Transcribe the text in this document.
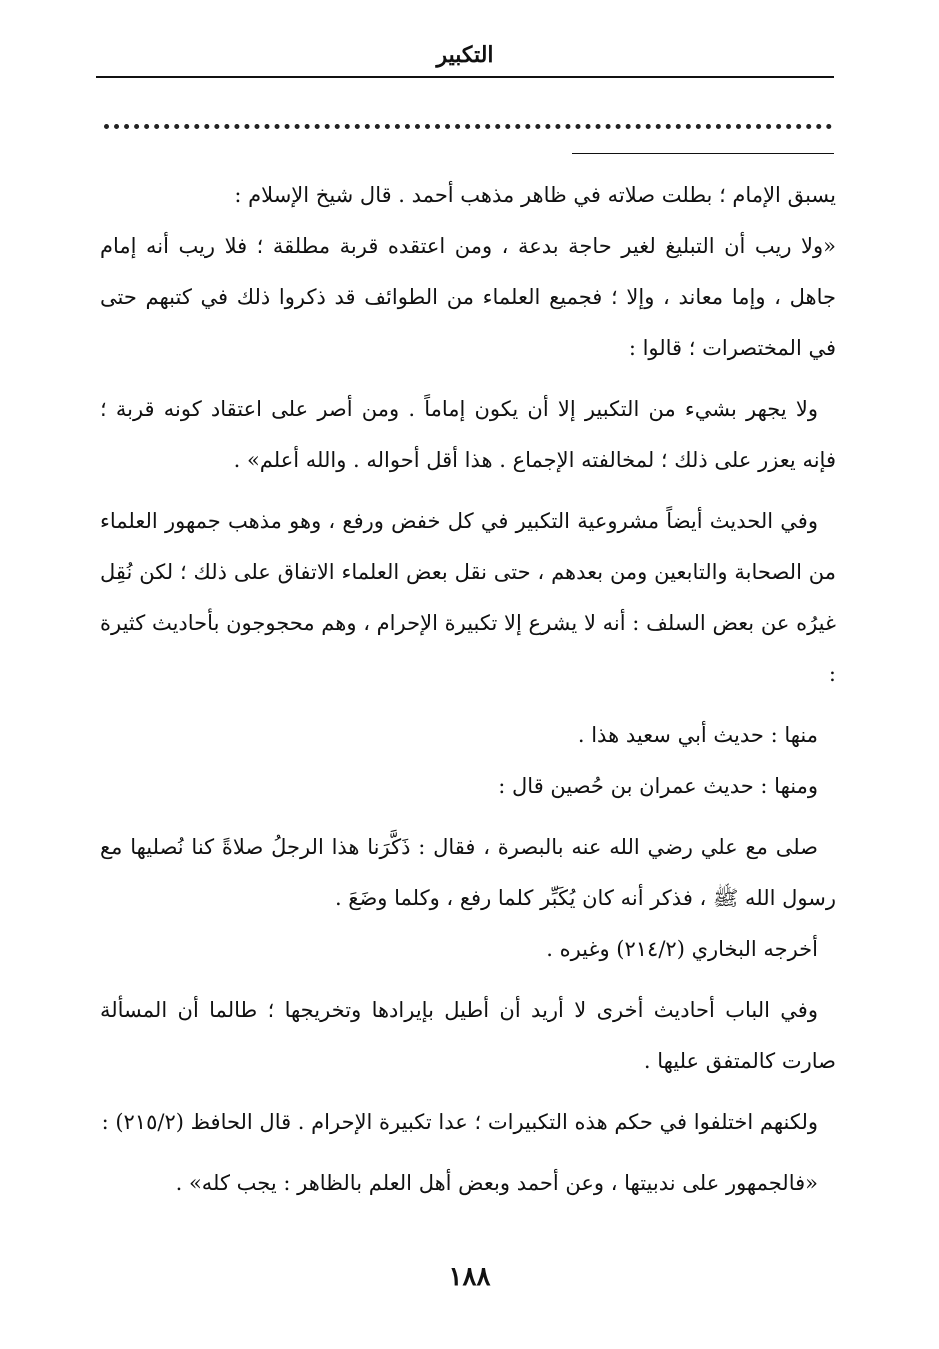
التكبير

يسبق الإمام ؛ بطلت صلاته في ظاهر مذهب أحمد . قال شيخ الإسلام :

«ولا ريب أن التبليغ لغير حاجة بدعة ، ومن اعتقده قربة مطلقة ؛ فلا ريب أنه إمام جاهل ، وإما معاند ، وإلا ؛ فجميع العلماء من الطوائف قد ذكروا ذلك في كتبهم حتى في المختصرات ؛ قالوا :

ولا يجهر بشيء من التكبير إلا أن يكون إماماً . ومن أصر على اعتقاد كونه قربة ؛ فإنه يعزر على ذلك ؛ لمخالفته الإجماع . هذا أقل أحواله . والله أعلم» .

وفي الحديث أيضاً مشروعية التكبير في كل خفض ورفع ، وهو مذهب جمهور العلماء من الصحابة والتابعين ومن بعدهم ، حتى نقل بعض العلماء الاتفاق على ذلك ؛ لكن نُقِل غيرُه عن بعض السلف : أنه لا يشرع إلا تكبيرة الإحرام ، وهم محجوجون بأحاديث كثيرة :

منها : حديث أبي سعيد هذا .

ومنها : حديث عمران بن حُصين قال :

صلى مع علي رضي الله عنه بالبصرة ، فقال : ذَكَّرَنا هذا الرجلُ صلاةً كنا نُصليها مع رسول الله ﷺ ، فذكر أنه كان يُكَبِّر كلما رفع ، وكلما وضَعَ .

أخرجه البخاري (٢١٤/٢) وغيره .

وفي الباب أحاديث أخرى لا أريد أن أطيل بإيرادها وتخريجها ؛ طالما أن المسألة صارت كالمتفق عليها .

ولكنهم اختلفوا في حكم هذه التكبيرات ؛ عدا تكبيرة الإحرام . قال الحافظ (٢١٥/٢) :

«فالجمهور على ندبيتها ، وعن أحمد وبعض أهل العلم بالظاهر : يجب كله» .

١٨٨
